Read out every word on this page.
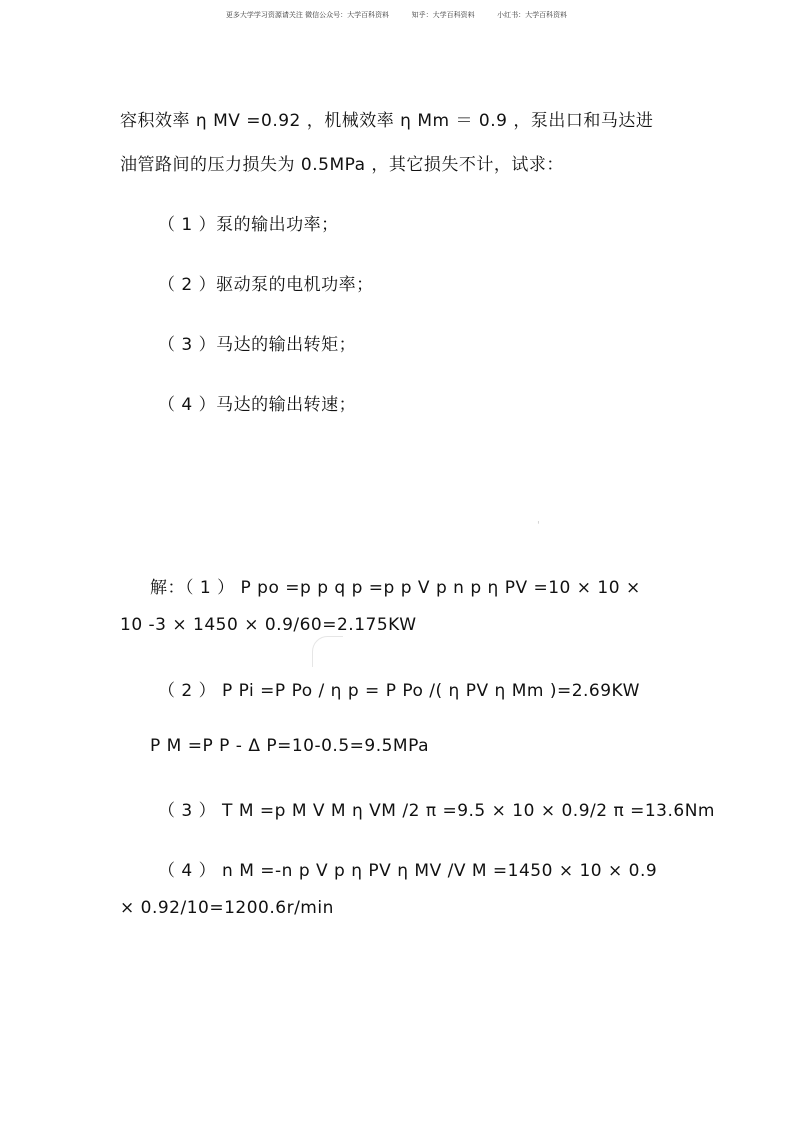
更多大学学习资源请关注 微信公众号：大学百科资料	知乎：大学百科资料	小红书：大学百科资料
容积效率 η MV =0.92 ，机械效率 η Mm ＝ 0.9 ，泵出口和马达进
油管路间的压力损失为 0.5MPa ，其它损失不计，试求：
（ 1 ）泵的输出功率；
（ 2 ）驱动泵的电机功率；
（ 3 ）马达的输出转矩；
（ 4 ）马达的输出转速；
'
解：（ 1 ） P po =p p q p =p p V p n p η PV =10 × 10 ×
10 -3 × 1450 × 0.9/60=2.175KW
（ 2 ） P Pi =P Po / η p = P Po /( η PV η Mm )=2.69KW
P M =P P - Δ P=10-0.5=9.5MPa
（ 3 ） T M =p M V M η VM /2 π =9.5 × 10 × 0.9/2 π =13.6Nm
（ 4 ） n M =-n p V p η PV η MV /V M =1450 × 10 × 0.9
× 0.92/10=1200.6r/min
